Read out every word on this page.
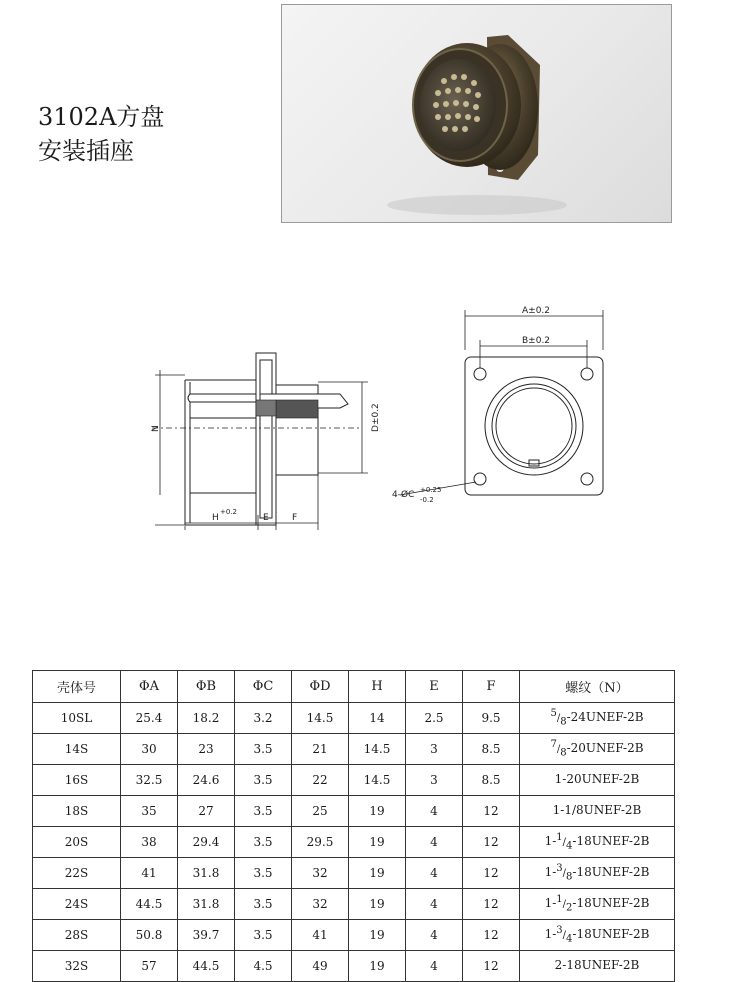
3102A方盘
安装插座
N	D±0.2
H
+0.2
E	F
A±0.2
B±0.2
4-ØC +0.25
-0.2
壳体号	ΦA	ΦB	ΦC	ΦD	H	E	F	螺纹（N）
10SL	25.4	18.2	3.2	14.5	14	2.5	9.5	$^5/_8-24UNEF-2B$
14S	30	23	3.5	21	14.5	3	8.5	$^7/_8-20UNEF-2B$
16S	32.5	24.6	3.5	22	14.5	3	8.5	1-20UNEF-2B
18S	35	27	3.5	25	19	4	12	1-1/8UNEF-2B
20S	38	29.4	3.5	29.5	19	4	12	$1-^1/_4-18UNEF-2B$
22S	41	31.8	3.5	32	19	4	12	$1-^3/_8-18UNEF-2B$
24S	44.5	31.8	3.5	32	19	4	12	$1-^1/_2-18UNEF-2B$
28S	50.8	39.7	3.5	41	19	4	12	$1-^3/_4-18UNEF-2B$
32S	57	44.5	4.5	49	19	4	12	2-18UNEF-2B
